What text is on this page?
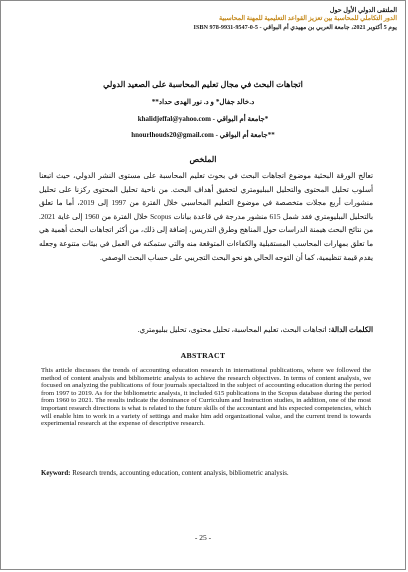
الملتقى الدولي الأول حول
الدور التكاملي للمحاسبة بين تعزيز القواعد التعليمية للمهنة المحاسبية
يوم 5 أكتوبر 2021، جامعة العربي بن مهيدي أم البواقي - ISBN 978-9931-9547-0-5
اتجاهات البحث في مجال تعليم المحاسبة على الصعيد الدولي
د.خالد جفال* و د. نور الهدى حداد**
*جامعة أم البواقي - khalidjeffal@yahoo.com
**جامعة أم البواقي - hnourlhouds20@gmail.com
الملخص
تعالج الورقة البحثية موضوع اتجاهات البحث في بحوث تعليم المحاسبة على مستوى النشر الدولي، حيث اتبعنا أسلوب تحليل المحتوى والتحليل الببليومتري لتحقيق أهداف البحث. من ناحية تحليل المحتوى ركزنا على تحليل منشورات أربع مجلات متخصصة في موضوع التعليم المحاسبي خلال الفترة من 1997 إلى 2019، أما ما تعلق بالتحليل الببليومتري فقد شمل 615 منشور مدرجة في قاعدة بيانات Scopus خلال الفترة من 1960 إلى غاية 2021. من نتائج البحث هيمنة الدراسات حول المناهج وطرق التدريس، إضافة إلى ذلك، من أكثر اتجاهات البحث أهمية هي ما تعلق بمهارات المحاسب المستقبلية والكفاءات المتوقعة منه والتي ستمكنه في العمل في بيئات متنوعة وجعله يقدم قيمة تنظيمية، كما أن التوجه الحالي هو نحو البحث التجريبي على حساب البحث الوصفي.
الكلمات الدالة: اتجاهات البحث، تعليم المحاسبة، تحليل محتوى، تحليل ببليومتري.
ABSTRACT
This article discusses the trends of accounting education research in international publications, where we followed the method of content analysis and bibliometric analysis to achieve the research objectives. In terms of content analysis, we focused on analyzing the publications of four journals specialized in the subject of accounting education during the period from 1997 to 2019. As for the bibliometric analysis, it included 615 publications in the Scopus database during the period from 1960 to 2021. The results indicate the dominance of Curriculum and Instruction studies, in addition, one of the most important research directions is what is related to the future skills of the accountant and his expected competencies, which will enable him to work in a variety of settings and make him add organizational value, and the current trend is towards experimental research at the expense of descriptive research.
Keyword: Research trends, accounting education, content analysis, bibliometric analysis.
- 25 -
